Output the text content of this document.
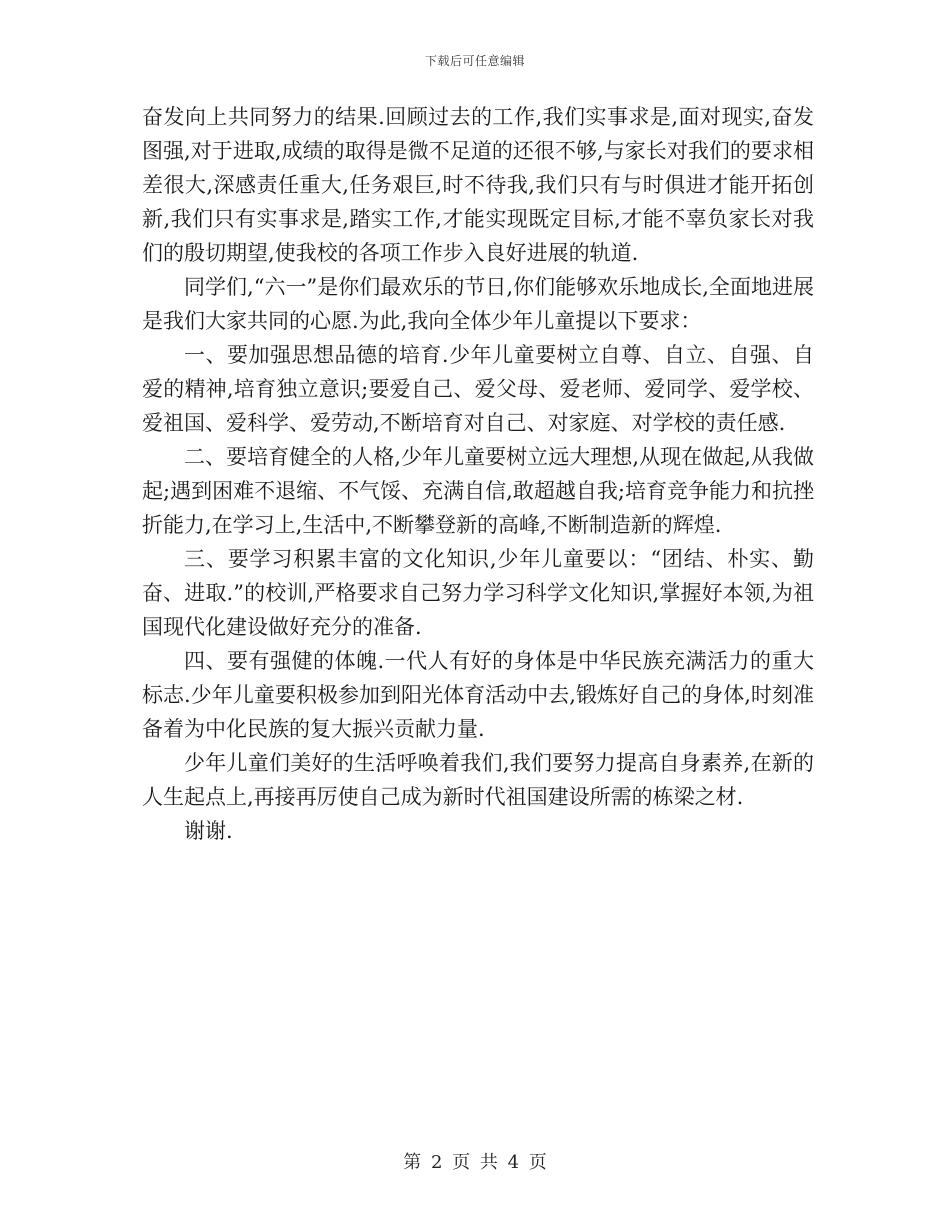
下载后可任意编辑

奋发向上共同努力的结果.回顾过去的工作,我们实事求是,面对现实,奋发图强,对于进取,成绩的取得是微不足道的还很不够,与家长对我们的要求相差很大,深感责任重大,任务艰巨,时不待我,我们只有与时俱进才能开拓创新,我们只有实事求是,踏实工作,才能实现既定目标,才能不辜负家长对我们的殷切期望,使我校的各项工作步入良好进展的轨道.

同学们,“六一”是你们最欢乐的节日,你们能够欢乐地成长,全面地进展是我们大家共同的心愿.为此,我向全体少年儿童提以下要求：

一、要加强思想品德的培育.少年儿童要树立自尊、自立、自强、自爱的精神,培育独立意识;要爱自己、爱父母、爱老师、爱同学、爱学校、爱祖国、爱科学、爱劳动,不断培育对自己、对家庭、对学校的责任感.

二、要培育健全的人格,少年儿童要树立远大理想,从现在做起,从我做起;遇到困难不退缩、不气馁、充满自信,敢超越自我;培育竞争能力和抗挫折能力,在学习上,生活中,不断攀登新的高峰,不断制造新的辉煌.

三、要学习积累丰富的文化知识,少年儿童要以：“团结、朴实、勤奋、进取.”的校训,严格要求自己努力学习科学文化知识,掌握好本领,为祖国现代化建设做好充分的准备.

四、要有强健的体魄.一代人有好的身体是中华民族充满活力的重大标志.少年儿童要积极参加到阳光体育活动中去,锻炼好自己的身体,时刻准备着为中化民族的复大振兴贡献力量.

少年儿童们美好的生活呼唤着我们,我们要努力提高自身素养,在新的人生起点上,再接再厉使自己成为新时代祖国建设所需的栋梁之材.

谢谢.

第 2 页 共 4 页
